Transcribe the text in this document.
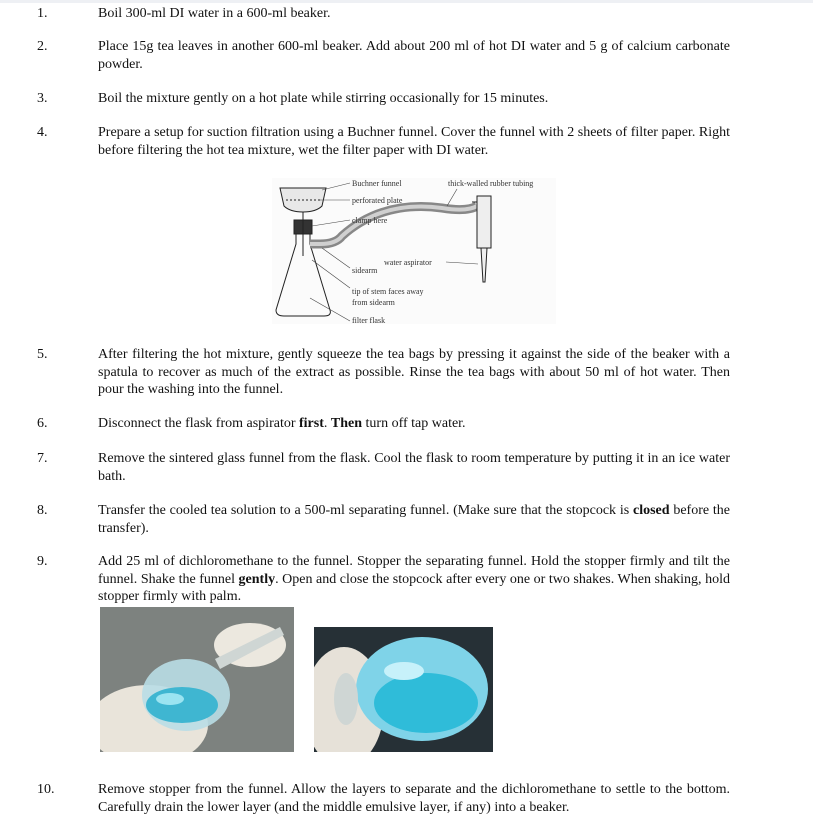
1.	Boil 300-ml DI water in a 600-ml beaker.
2.	Place 15g tea leaves in another 600-ml beaker. Add about 200 ml of hot DI water and 5 g of calcium carbonate powder.
3.	Boil the mixture gently on a hot plate while stirring occasionally for 15 minutes.
4.	Prepare a setup for suction filtration using a Buchner funnel. Cover the funnel with 2 sheets of filter paper. Right before filtering the hot tea mixture, wet the filter paper with DI water.
Buchner funnel
perforated plate
clamp here
thick-walled rubber tubing
water aspirator
sidearm
tip of stem faces away
from sidearm
filter flask
5.	After filtering the hot mixture, gently squeeze the tea bags by pressing it against the side of the beaker with a spatula to recover as much of the extract as possible. Rinse the tea bags with about 50 ml of hot water. Then pour the washing into the funnel.
6.	Disconnect the flask from aspirator first. Then turn off tap water.
7.	Remove the sintered glass funnel from the flask. Cool the flask to room temperature by putting it in an ice water bath.
8.	Transfer the cooled tea solution to a 500-ml separating funnel. (Make sure that the stopcock is closed before the transfer).
9.	Add 25 ml of dichloromethane to the funnel. Stopper the separating funnel. Hold the stopper firmly and tilt the funnel. Shake the funnel gently. Open and close the stopcock after every one or two shakes. When shaking, hold stopper firmly with palm.
10.	Remove stopper from the funnel. Allow the layers to separate and the dichloromethane to settle to the bottom. Carefully drain the lower layer (and the middle emulsive layer, if any) into a beaker.
